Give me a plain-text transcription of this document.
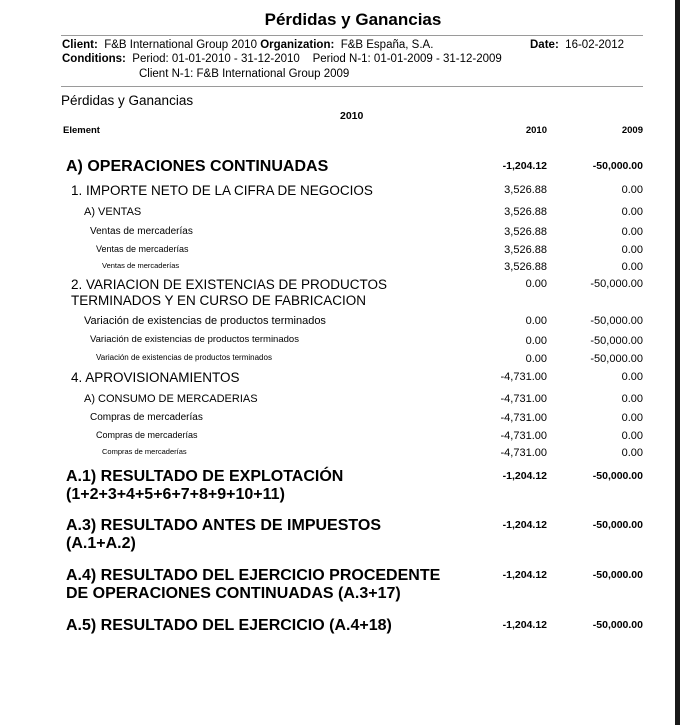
Pérdidas y Ganancias
Client: F&B International Group 2010 Organization: F&B España, S.A.	Date: 16-02-2012
Conditions: Period: 01-01-2010 - 31-12-2010 Period N-1: 01-01-2009 - 31-12-2009
Client N-1: F&B International Group 2009
Pérdidas y Ganancias
2010
Element	2010	2009
A) OPERACIONES CONTINUADAS	-1,204.12	-50,000.00
1. IMPORTE NETO DE LA CIFRA DE NEGOCIOS	3,526.88	0.00
A) VENTAS	3,526.88	0.00
Ventas de mercaderías	3,526.88	0.00
Ventas de mercaderías	3,526.88	0.00
Ventas de mercaderías	3,526.88	0.00
2. VARIACION DE EXISTENCIAS DE PRODUCTOS
TERMINADOS Y EN CURSO DE FABRICACION
0.00	-50,000.00
Variación de existencias de productos terminados	0.00	-50,000.00
Variación de existencias de productos terminados	0.00	-50,000.00
Variación de existencias de productos terminados	0.00	-50,000.00
4. APROVISIONAMIENTOS	-4,731.00	0.00
A) CONSUMO DE MERCADERIAS	-4,731.00	0.00
Compras de mercaderías	-4,731.00	0.00
Compras de mercaderías	-4,731.00	0.00
Compras de mercaderías	-4,731.00	0.00
A.1) RESULTADO DE EXPLOTACIÓN
(1+2+3+4+5+6+7+8+9+10+11)
-1,204.12	-50,000.00
A.3) RESULTADO ANTES DE IMPUESTOS
(A.1+A.2)
-1,204.12	-50,000.00
A.4) RESULTADO DEL EJERCICIO PROCEDENTE
DE OPERACIONES CONTINUADAS (A.3+17)
-1,204.12	-50,000.00
A.5) RESULTADO DEL EJERCICIO (A.4+18)	-1,204.12	-50,000.00
